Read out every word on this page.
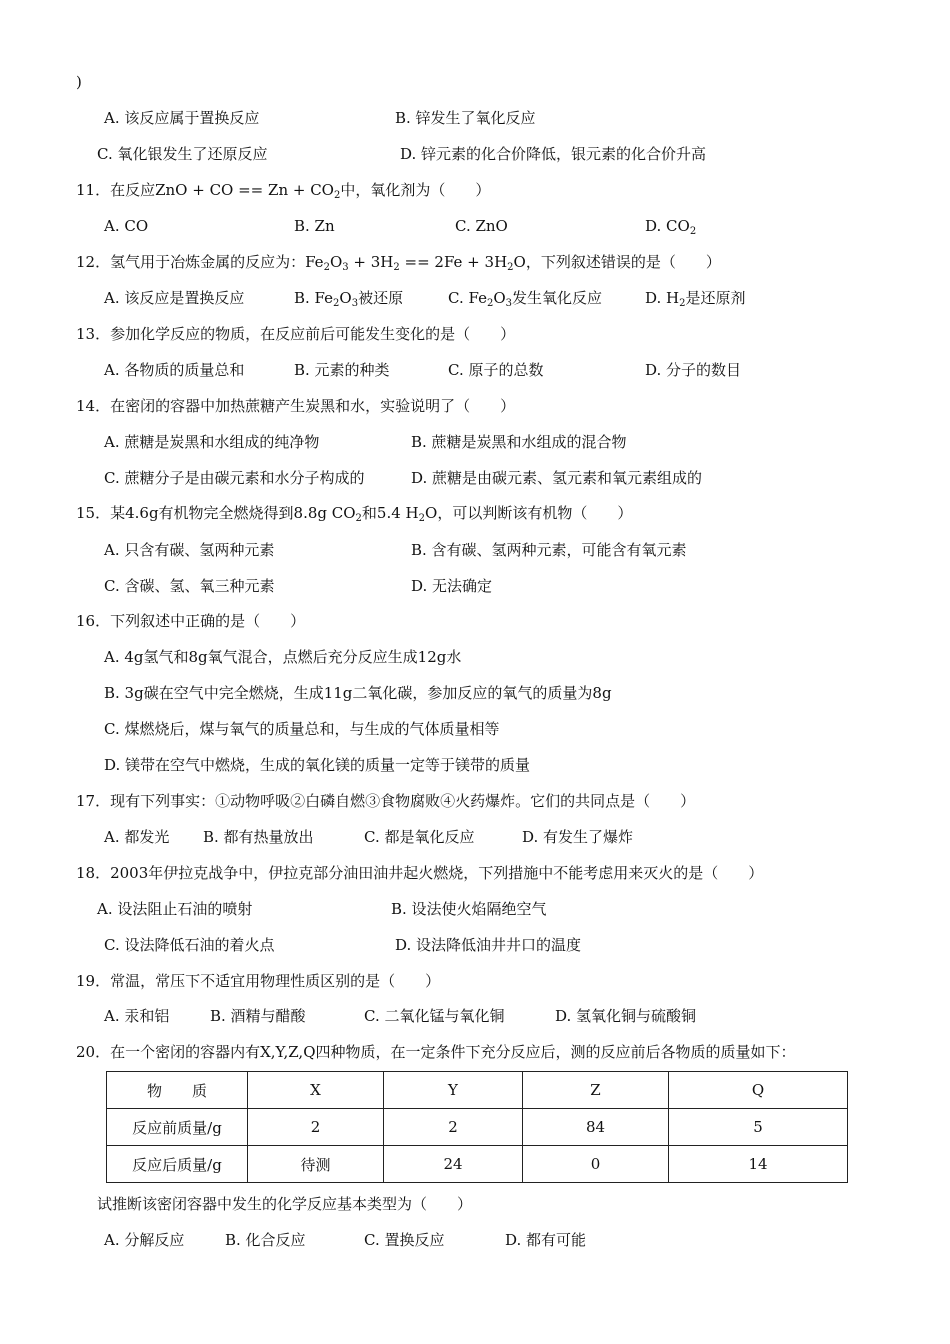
)
A. 该反应属于置换反应	B. 锌发生了氧化反应
C. 氧化银发生了还原反应	D. 锌元素的化合价降低，银元素的化合价升高
11．在反应ZnO + CO == $Zn + CO_2$中，氧化剂为（　　）
A. CO	B. Zn	C. ZnO	D. $CO_2$
12．氢气用于冶炼金属的反应为：$Fe_2O_3 + 3H_2 == 2Fe + 3H_2O$，下列叙述错误的是（　　）
A. 该反应是置换反应	B. $Fe_2O_3$被还原	C. $Fe_2O_3$发生氧化反应	D. $H_2$是还原剂
13．参加化学反应的物质，在反应前后可能发生变化的是（　　）
A. 各物质的质量总和	B. 元素的种类	C. 原子的总数	D. 分子的数目
14．在密闭的容器中加热蔗糖产生炭黑和水，实验说明了（　　）
A. 蔗糖是炭黑和水组成的纯净物	B. 蔗糖是炭黑和水组成的混合物
C. 蔗糖分子是由碳元素和水分子构成的	D. 蔗糖是由碳元素、氢元素和氧元素组成的
15．某4.6g有机物完全燃烧得到8.8g $CO_2$和5.4 $H_2O$，可以判断该有机物（　　）
A. 只含有碳、氢两种元素	B. 含有碳、氢两种元素，可能含有氧元素
C. 含碳、氢、氧三种元素	D. 无法确定
16．下列叙述中正确的是（　　）
A. 4g氢气和8g氧气混合，点燃后充分反应生成12g水
B. 3g碳在空气中完全燃烧，生成11g二氧化碳，参加反应的氧气的质量为8g
C. 煤燃烧后，煤与氧气的质量总和，与生成的气体质量相等
D. 镁带在空气中燃烧，生成的氧化镁的质量一定等于镁带的质量
17．现有下列事实：①动物呼吸②白磷自燃③食物腐败④火药爆炸。它们的共同点是（　　）
A. 都发光 B. 都有热量放出	C. 都是氧化反应	D. 有发生了爆炸
18．2003年伊拉克战争中，伊拉克部分油田油井起火燃烧，下列措施中不能考虑用来灭火的是（　　）
A. 设法阻止石油的喷射	B. 设法使火焰隔绝空气
C. 设法降低石油的着火点	D. 设法降低油井井口的温度
19．常温，常压下不适宜用物理性质区别的是（　　）
A. 汞和铝	B. 酒精与醋酸	C. 二氧化锰与氧化铜	D. 氢氧化铜与硫酸铜
20．在一个密闭的容器内有X,Y,Z,Q四种物质，在一定条件下充分反应后，测的反应前后各物质的质量如下：
物　　质	X	Y	Z	Q
反应前质量/g	2	2	84	5
反应后质量/g	待测	24	0	14
试推断该密闭容器中发生的化学反应基本类型为（　　）
A. 分解反应	B. 化合反应	C. 置换反应	D. 都有可能
